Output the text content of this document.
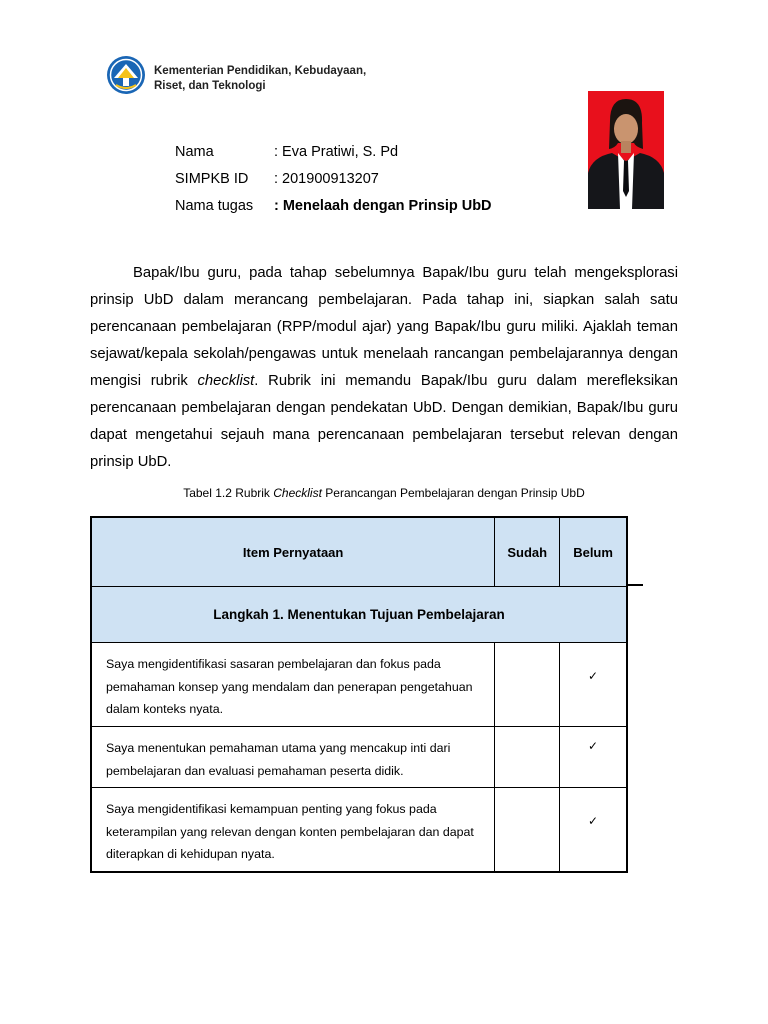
Kementerian Pendidikan, Kebudayaan,
Riset, dan Teknologi
Nama	: Eva Pratiwi, S. Pd
SIMPKB ID	: 201900913207
Nama tugas	: Menelaah dengan Prinsip UbD

Bapak/Ibu guru, pada tahap sebelumnya Bapak/Ibu guru telah mengeksplorasi prinsip UbD dalam merancang pembelajaran. Pada tahap ini, siapkan salah satu perencanaan pembelajaran (RPP/modul ajar) yang Bapak/Ibu guru miliki. Ajaklah teman sejawat/kepala sekolah/pengawas untuk menelaah rancangan pembelajarannya dengan mengisi rubrik checklist. Rubrik ini memandu Bapak/Ibu guru dalam merefleksikan perencanaan pembelajaran dengan pendekatan UbD. Dengan demikian, Bapak/Ibu guru dapat mengetahui sejauh mana perencanaan pembelajaran tersebut relevan dengan prinsip UbD.

Tabel 1.2 Rubrik Checklist Perancangan Pembelajaran dengan Prinsip UbD
Item Pernyataan	Sudah	Belum
Langkah 1. Menentukan Tujuan Pembelajaran		
Saya mengidentifikasi sasaran pembelajaran dan fokus pada pemahaman konsep yang mendalam dan penerapan pengetahuan dalam konteks nyata.		✓
Saya menentukan pemahaman utama yang mencakup inti dari pembelajaran dan evaluasi pemahaman peserta didik.		✓
Saya mengidentifikasi kemampuan penting yang fokus pada keterampilan yang relevan dengan konten pembelajaran dan dapat diterapkan di kehidupan nyata.		✓
